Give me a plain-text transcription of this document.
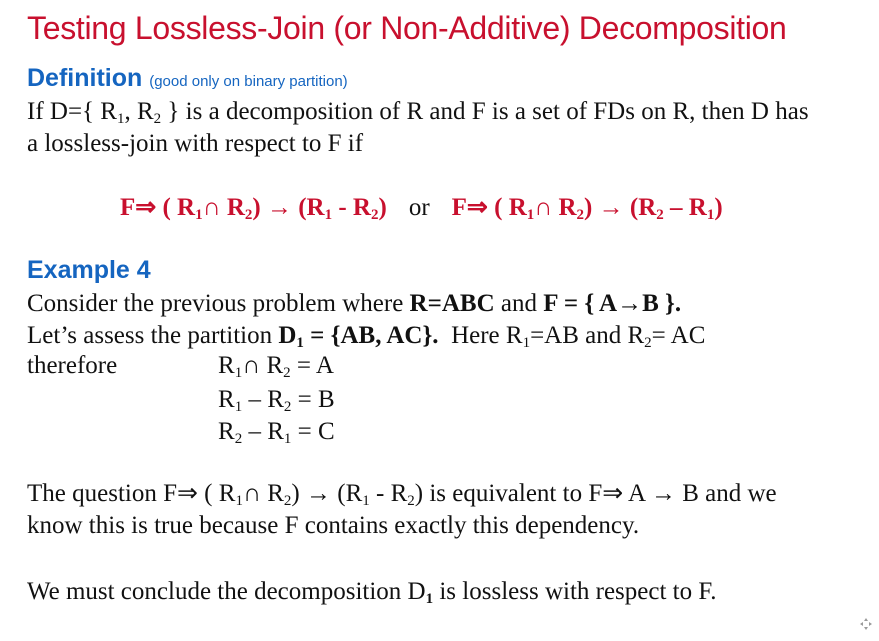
Testing Lossless-Join (or Non-Additive) Decomposition
Definition (good only on binary partition)
If D={ $R_1$, $R_2$ } is a decomposition of R and F is a set of FDs on R, then D has
a lossless-join with respect to F if
F⇒ ( $R_1\cap$ $R_2) \to (R_1 - R_2)$ or F⇒ ( $R_1\cap$ $R_2) \to (R_2 - R_1)$
Example 4
Consider the previous problem where R=ABC and F = { A→B }.
Let’s assess the partition $D_1 = \{AB$, AC}.  Here $R_1=AB$ and $R_2=$ AC
therefore	$R_1\cap$ $R_2 = A$
$R_1 - R_2 = B$
$R_2 - R_1 = C$
The question F⇒ ( $R_1\cap$ $R_2) \to (R_1 - R_2)$ is equivalent to F⇒ A → B and we
know this is true because F contains exactly this dependency.
We must conclude the decomposition $D_1$ is lossless with respect to F.
